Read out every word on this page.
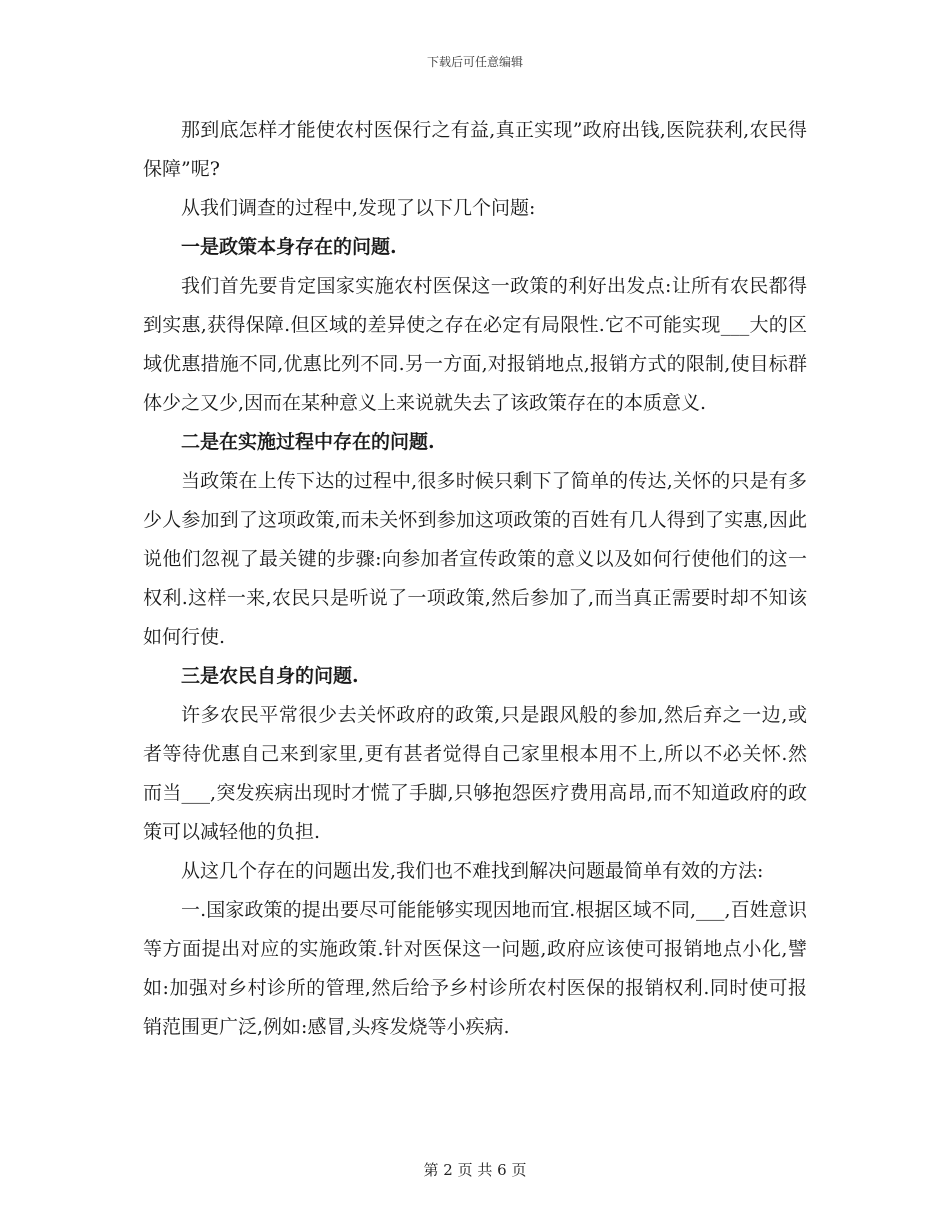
下载后可任意编辑

那到底怎样才能使农村医保行之有益,真正实现”政府出钱,医院获利,农民得保障”呢?

从我们调查的过程中,发现了以下几个问题:

一是政策本身存在的问题.

我们首先要肯定国家实施农村医保这一政策的利好出发点:让所有农民都得到实惠,获得保障.但区域的差异使之存在必定有局限性.它不可能实现___大的区域优惠措施不同,优惠比列不同.另一方面,对报销地点,报销方式的限制,使目标群体少之又少,因而在某种意义上来说就失去了该政策存在的本质意义.

二是在实施过程中存在的问题.

当政策在上传下达的过程中,很多时候只剩下了简单的传达,关怀的只是有多少人参加到了这项政策,而未关怀到参加这项政策的百姓有几人得到了实惠,因此说他们忽视了最关键的步骤:向参加者宣传政策的意义以及如何行使他们的这一权利.这样一来,农民只是听说了一项政策,然后参加了,而当真正需要时却不知该如何行使.

三是农民自身的问题.

许多农民平常很少去关怀政府的政策,只是跟风般的参加,然后弃之一边,或者等待优惠自己来到家里,更有甚者觉得自己家里根本用不上,所以不必关怀.然而当___,突发疾病出现时才慌了手脚,只够抱怨医疗费用高昂,而不知道政府的政策可以减轻他的负担.

从这几个存在的问题出发,我们也不难找到解决问题最简单有效的方法:

一.国家政策的提出要尽可能能够实现因地而宜.根据区域不同,___,百姓意识等方面提出对应的实施政策.针对医保这一问题,政府应该使可报销地点小化,譬如:加强对乡村诊所的管理,然后给予乡村诊所农村医保的报销权利.同时使可报销范围更广泛,例如:感冒,头疼发烧等小疾病.

第 2 页 共 6 页
